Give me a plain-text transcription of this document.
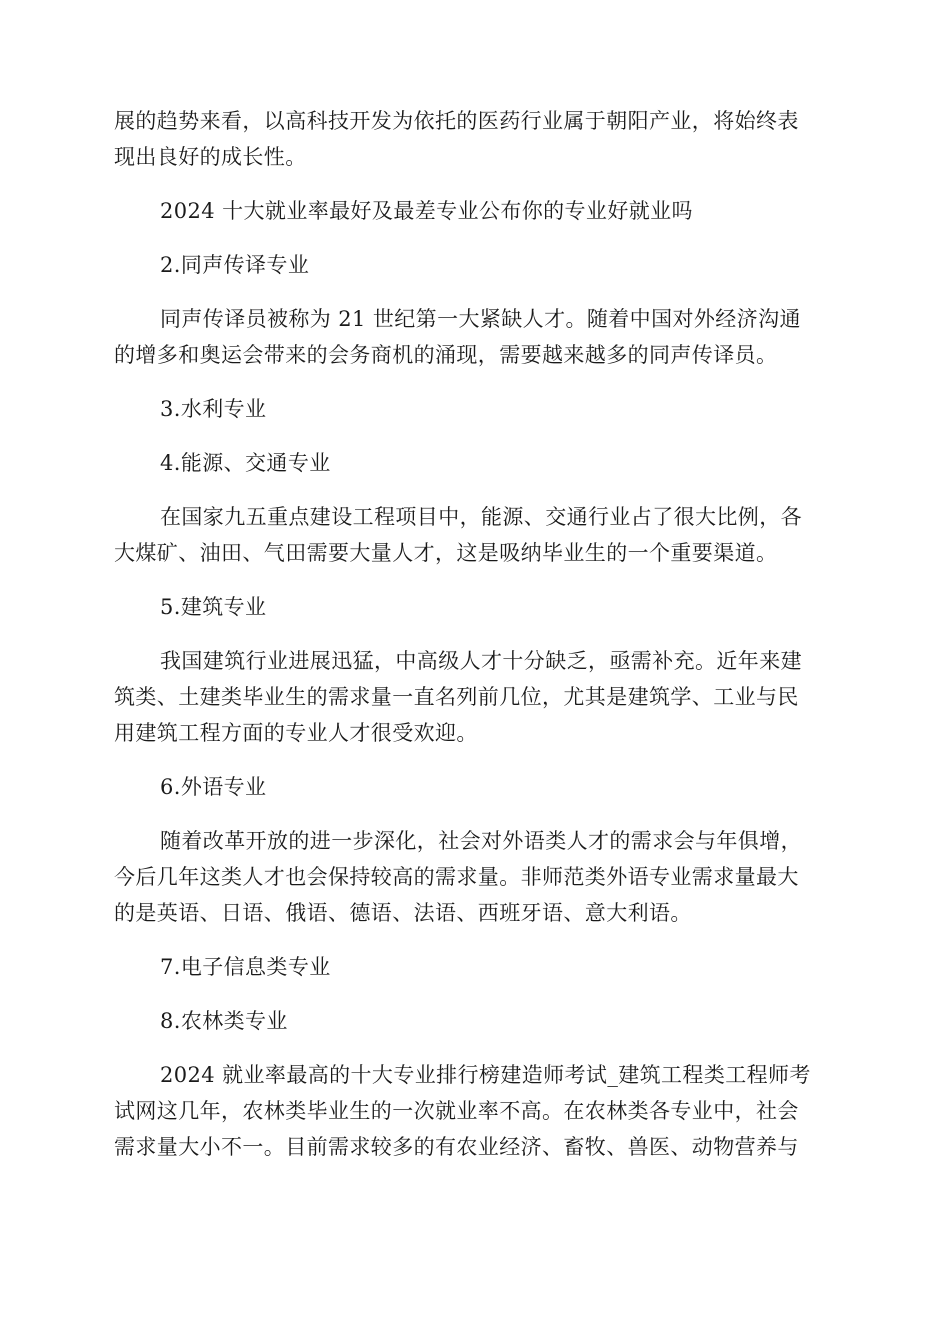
展的趋势来看，以高科技开发为依托的医药行业属于朝阳产业，将始终表
现出良好的成长性。
2024 十大就业率最好及最差专业公布你的专业好就业吗
2.同声传译专业
同声传译员被称为 21 世纪第一大紧缺人才。随着中国对外经济沟通
的增多和奥运会带来的会务商机的涌现，需要越来越多的同声传译员。
3.水利专业
4.能源、交通专业
在国家九五重点建设工程项目中，能源、交通行业占了很大比例，各
大煤矿、油田、气田需要大量人才，这是吸纳毕业生的一个重要渠道。
5.建筑专业
我国建筑行业进展迅猛，中高级人才十分缺乏，亟需补充。近年来建
筑类、土建类毕业生的需求量一直名列前几位，尤其是建筑学、工业与民
用建筑工程方面的专业人才很受欢迎。
6.外语专业
随着改革开放的进一步深化，社会对外语类人才的需求会与年俱增，
今后几年这类人才也会保持较高的需求量。非师范类外语专业需求量最大
的是英语、日语、俄语、德语、法语、西班牙语、意大利语。
7.电子信息类专业
8.农林类专业
2024 就业率最高的十大专业排行榜建造师考试_建筑工程类工程师考
试网这几年，农林类毕业生的一次就业率不高。在农林类各专业中，社会
需求量大小不一。目前需求较多的有农业经济、畜牧、兽医、动物营养与
